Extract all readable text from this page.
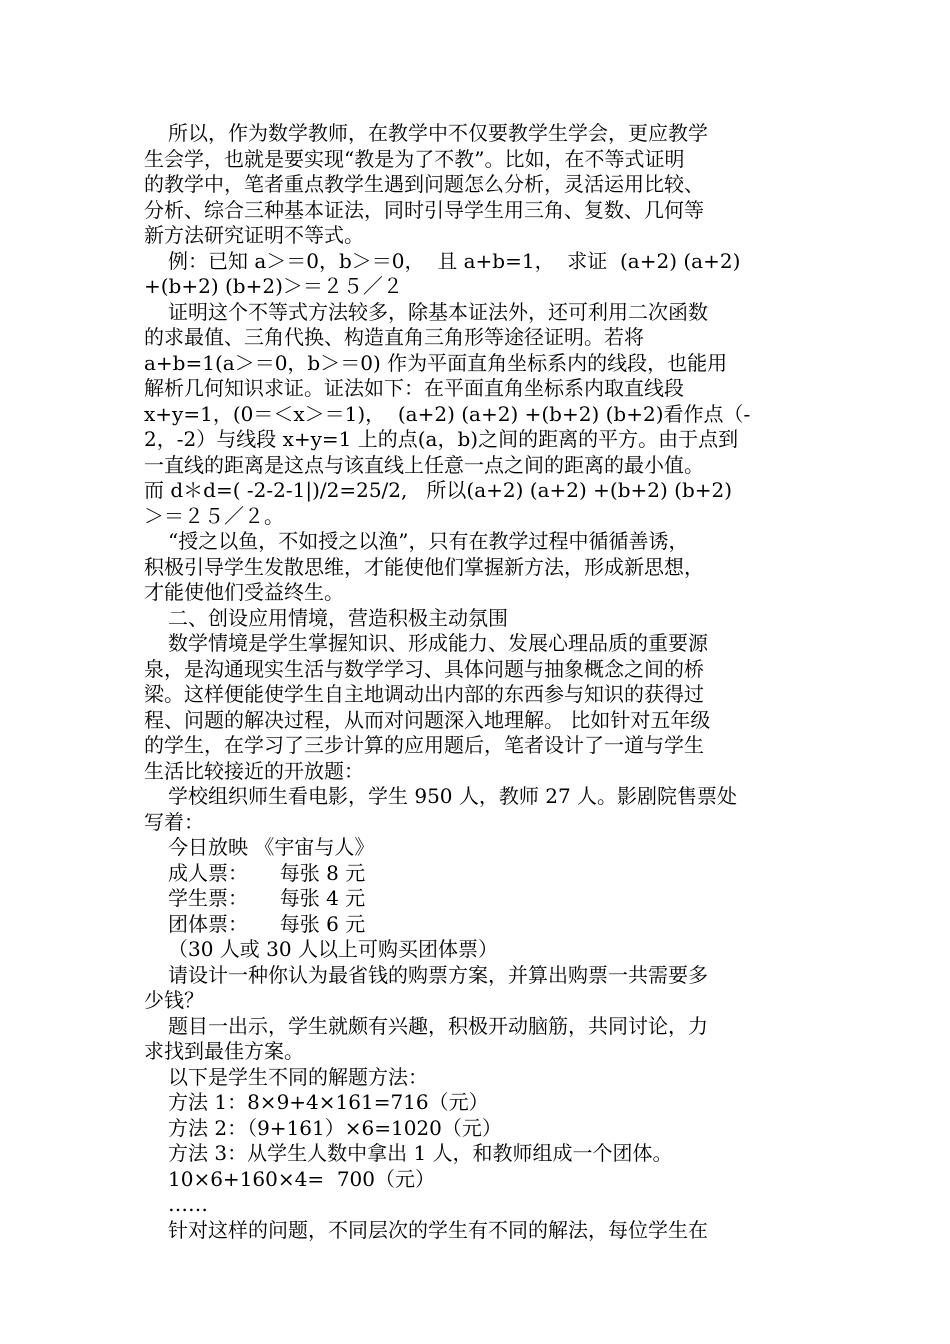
所以，作为数学教师，在教学中不仅要教学生学会，更应教学
生会学，也就是要实现“教是为了不教”。比如，在不等式证明
的教学中，笔者重点教学生遇到问题怎么分析，灵活运用比较、
分析、综合三种基本证法，同时引导学生用三角、复数、几何等
新方法研究证明不等式。
例：已知 a＞＝0，b＞＝0，  且 a+b=1，  求证  (a+2) (a+2)
+(b+2) (b+2)＞＝２５／２
证明这个不等式方法较多，除基本证法外，还可利用二次函数
的求最值、三角代换、构造直角三角形等途径证明。若将
a+b=1(a＞＝0，b＞＝0) 作为平面直角坐标系内的线段，也能用
解析几何知识求证。证法如下：在平面直角坐标系内取直线段
x+y=1，(0＝＜x＞＝1)，  (a+2) (a+2) +(b+2) (b+2)看作点（-
2，-2）与线段 x+y=1 上的点(a，b)之间的距离的平方。由于点到
一直线的距离是这点与该直线上任意一点之间的距离的最小值。
而 d＊d=( -2-2-1|)/2=25/2,   所以(a+2) (a+2) +(b+2) (b+2)
＞＝２５／２。
“授之以鱼，不如授之以渔”，只有在教学过程中循循善诱，
积极引导学生发散思维，才能使他们掌握新方法，形成新思想，
才能使他们受益终生。
二、创设应用情境，营造积极主动氛围
数学情境是学生掌握知识、形成能力、发展心理品质的重要源
泉，是沟通现实生活与数学学习、具体问题与抽象概念之间的桥
梁。这样便能使学生自主地调动出内部的东西参与知识的获得过
程、问题的解决过程，从而对问题深入地理解。 比如针对五年级
的学生，在学习了三步计算的应用题后，笔者设计了一道与学生
生活比较接近的开放题：
学校组织师生看电影，学生 950 人，教师 27 人。影剧院售票处
写着：
今日放映 《宇宙与人》
成人票：     每张 8 元
学生票：     每张 4 元
团体票：     每张 6 元
（30 人或 30 人以上可购买团体票）
请设计一种你认为最省钱的购票方案，并算出购票一共需要多
少钱？
题目一出示，学生就颇有兴趣，积极开动脑筋，共同讨论，力
求找到最佳方案。
以下是学生不同的解题方法：
方法 1：8×9+4×161=716（元）
方法 2：（9+161）×6=1020（元）
方法 3：从学生人数中拿出 1 人，和教师组成一个团体。
10×6+160×4=  700（元）
……
针对这样的问题，不同层次的学生有不同的解法，每位学生在
